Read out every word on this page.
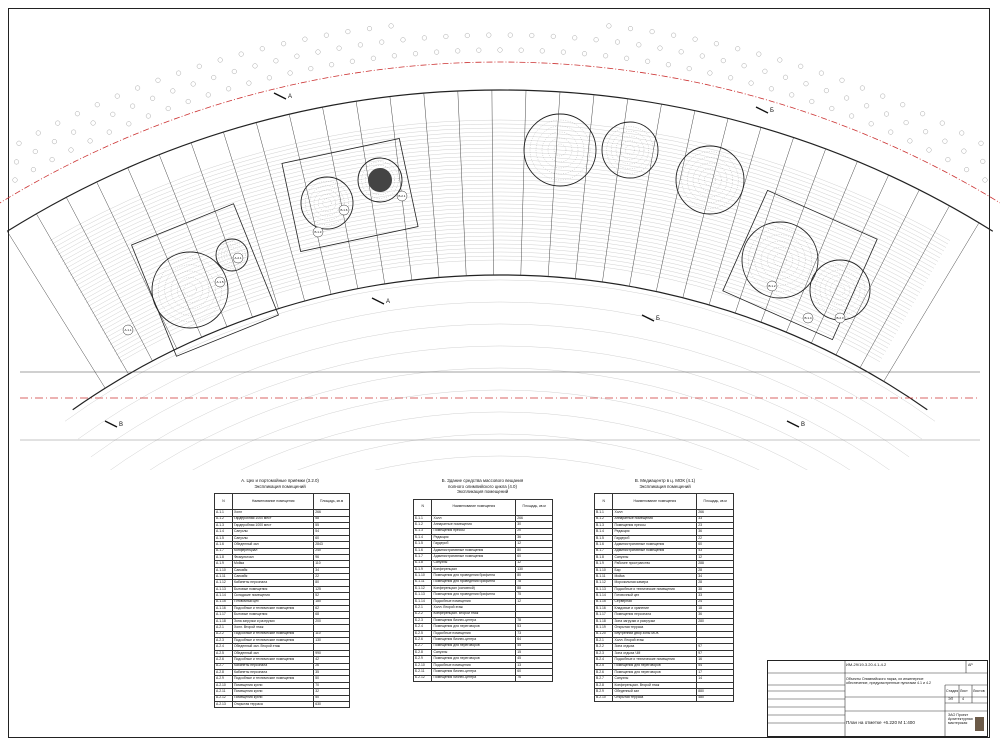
А
А
Б
Б
В	В
А.1.1
А.1.5
А.2.1
Б.1.3
Б.1.6
Б.2.1
В.1.2
В.1.4	В.2.3
А. Цех и портомойные приёмки (3.2.0)
Экспликация помещений
N	Наименование помещения	Площадь, кв.м
А.1.1	Холл	266
А.1.2	Гардеробная 1000 мест	58
А.1.3	Гардеробная 1000 мест	55
А.1.4	Санузлы	54
А.1.5	Санузлы	60
А.1.6	Обеденный зал	2843
А.1.7	Конференцзал	240
А.1.8	Физкультзал	96
А.1.9	Мойка	110
А.1.10	Санкабя	34
А.1.11	Санкабя	22
А.1.12	Кабинеты персонала	80
А.1.13	Бытовые помещения	125
А.1.14	Складские помещения	52
А.1.15	Готовочный цех	180
А.1.16	Подсобные и технические помещения	62
А.1.17	Бытовые помещения	68
А.1.18	Зона загрузки и разгрузки	200
А.2.1	Холл. Второй этаж	
А.2.2	Подсобные и технические помещения	110
А.2.3	Подсобные и технические помещения	130
А.2.4	Обеденный зал. Второй этаж	
А.2.5	Обеденный зал	990
А.2.6	Подсобные и технические помещения	42
А.2.7	Кабинеты персонала	26
А.2.8	Кабинеты персонала	35
А.2.9	Подсобные и технические помещения	50
А.2.10	Помещения кухни	70
А.2.11	Помещения кухни	32
А.2.12	Помещения кухни	50
А.2.13	Открытая терраса	630
Б. Здание средства массового вещания
полного олимпийского цикла (4.0)
Экспликация помещений
N	Наименование помещения	Площадь, кв.м
Б.1.1	Холл	266
Б.1.2	Аппаратные помещения	30
Б.1.3	Помещения прессы	20
Б.1.4	Редакция	36
Б.1.5	Гардероб	12
Б.1.6	Административные помещения	80
Б.1.7	Административные помещения	60
Б.1.8	Санузлы	12
Б.1.9	Конференцзал	130
Б.1.10	Помещения для проведения брифинга	80
Б.1.11	Помещения для проведения брифинга	78
Б.1.12	Конференцзал (основной)	88
Б.1.13	Помещения для проведения брифинга	75
Б.1.14	Подсобные помещения	12
Б.2.1	Холл. Второй этаж	
Б.2.2	Конференцзал. Второй этаж	
Б.2.3	Помещения бизнес-центра	78
Б.2.4	Помещения для переговоров	53
Б.2.5	Подсобные помещения	73
Б.2.6	Помещения бизнес-центра	64
Б.2.7	Помещения для переговоров	45
Б.2.8	Санузлы	15
Б.2.9	Помещения для переговоров	45
Б.2.10	Подсобные помещения	13
Б.2.11	Помещения бизнес-центра	60
Б.2.12	Помещения бизнес-центра	76
В. Медиацентр в ц. МОК (4.1)
Экспликация помещений
N	Наименование помещения	Площадь, кв.м
В.1.1	Холл	266
В.1.2	Аппаратные помещения	33
В.1.3	Помещения прессы	23
В.1.4	Редакция	36
В.1.5	Гардероб	22
В.1.6	Административные помещения	60
В.1.7	Административные помещения	43
В.1.8	Санузлы	12
В.1.9	Рабочее пространство	288
В.1.10	Бар	28
В.1.11	Мойка	34
В.1.12	Морозильная камера	28
В.1.13	Подсобные и технические помещения	38
В.1.14	Готовочный цех	33
В.1.15	Серверная	24
В.1.16	Кладовые и хранение	18
В.1.17	Помещения персонала	36
В.1.18	Зона загрузки и разгрузки	280
В.1.19	Открытая терраса	
В.1.20	Внутренний двор зоны МОК	
В.2.1	Холл. Второй этаж	
В.2.2	Зона отдыха	97
В.2.3	Зона отдыха ЧМ	97
В.2.4	Подсобные и технические помещения	16
В.2.5	Помещения для переговоров	54
В.2.6	Помещения для переговоров	17
В.2.7	Санузлы	14
В.2.8	Конференцзал. Второй этаж	
В.2.9	Обеденный зал	880
В.2.10	Открытая терраса	480
ИМ-29/19-3.20.4.1-4.2	АР
Объекты Олимпийского парка, их инженерное обеспечение, предусмотренные пунктами 4.1 и 4.2
Стадия Лист	Листов
ЭП	4
План на отметке +6.220 М 1:400
ЗАО Проект Архитектурная мастерская
